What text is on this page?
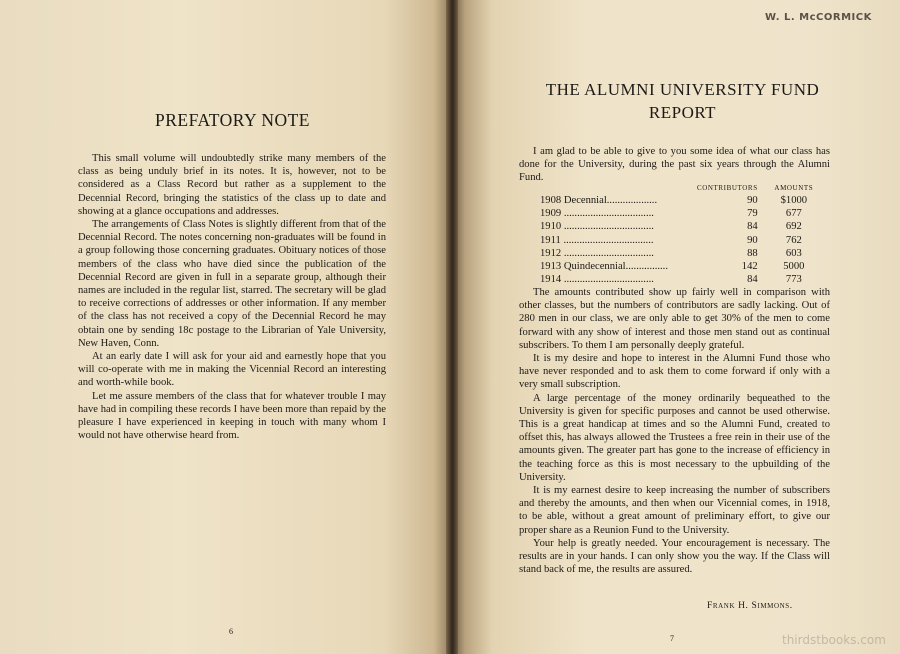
PREFATORY NOTE

This small volume will undoubtedly strike many members of the class as being unduly brief in its notes. It is, however, not to be considered as a Class Record but rather as a supplement to the Decennial Record, bringing the statistics of the class up to date and showing at a glance occupations and addresses.

The arrangements of Class Notes is slightly different from that of the Decennial Record. The notes concerning non-graduates will be found in a group following those concerning graduates. Obituary notices of those members of the class who have died since the publication of the Decennial Record are given in full in a separate group, although their names are included in the regular list, starred. The secretary will be glad to receive corrections of addresses or other information. If any member of the class has not received a copy of the Decennial Record he may obtain one by sending 18c postage to the Librarian of Yale University, New Haven, Conn.

At an early date I will ask for your aid and earnestly hope that you will co-operate with me in making the Vicennial Record an interesting and worth-while book.

Let me assure members of the class that for whatever trouble I may have had in compiling these records I have been more than repaid by the pleasure I have experienced in keeping in touch with many whom I would not have otherwise heard from.

6
W. L. McCORMICK
THE ALUMNI UNIVERSITY FUND
REPORT

I am glad to be able to give to you some idea of what our class has done for the University, during the past six years through the Alumni Fund.

	CONTRIBUTORS	AMOUNTS
1908 Decennial...................	90	$1000
1909 ..................................	79	677
1910 ..................................	84	692
1911 ..................................	90	762
1912 ..................................	88	603
1913 Quindecennial................	142	5000
1914 ..................................	84	773

The amounts contributed show up fairly well in comparison with other classes, but the numbers of contributors are sadly lacking. Out of 280 men in our class, we are only able to get 30% of the men to come forward with any show of interest and those men stand out as continual subscribers. To them I am personally deeply grateful.

It is my desire and hope to interest in the Alumni Fund those who have never responded and to ask them to come forward if only with a very small subscription.

A large percentage of the money ordinarily bequeathed to the University is given for specific purposes and cannot be used otherwise. This is a great handicap at times and so the Alumni Fund, created to offset this, has always allowed the Trustees a free rein in their use of the amounts given. The greater part has gone to the increase of efficiency in the teaching force as this is most necessary to the upbuilding of the University.

It is my earnest desire to keep increasing the number of subscribers and thereby the amounts, and then when our Vicennial comes, in 1918, to be able, without a great amount of preliminary effort, to give our proper share as a Reunion Fund to the University.

Your help is greatly needed. Your encouragement is necessary. The results are in your hands. I can only show you the way. If the Class will stand back of me, the results are assured.

Frank H. Simmons.
7	thirdstbooks.com
